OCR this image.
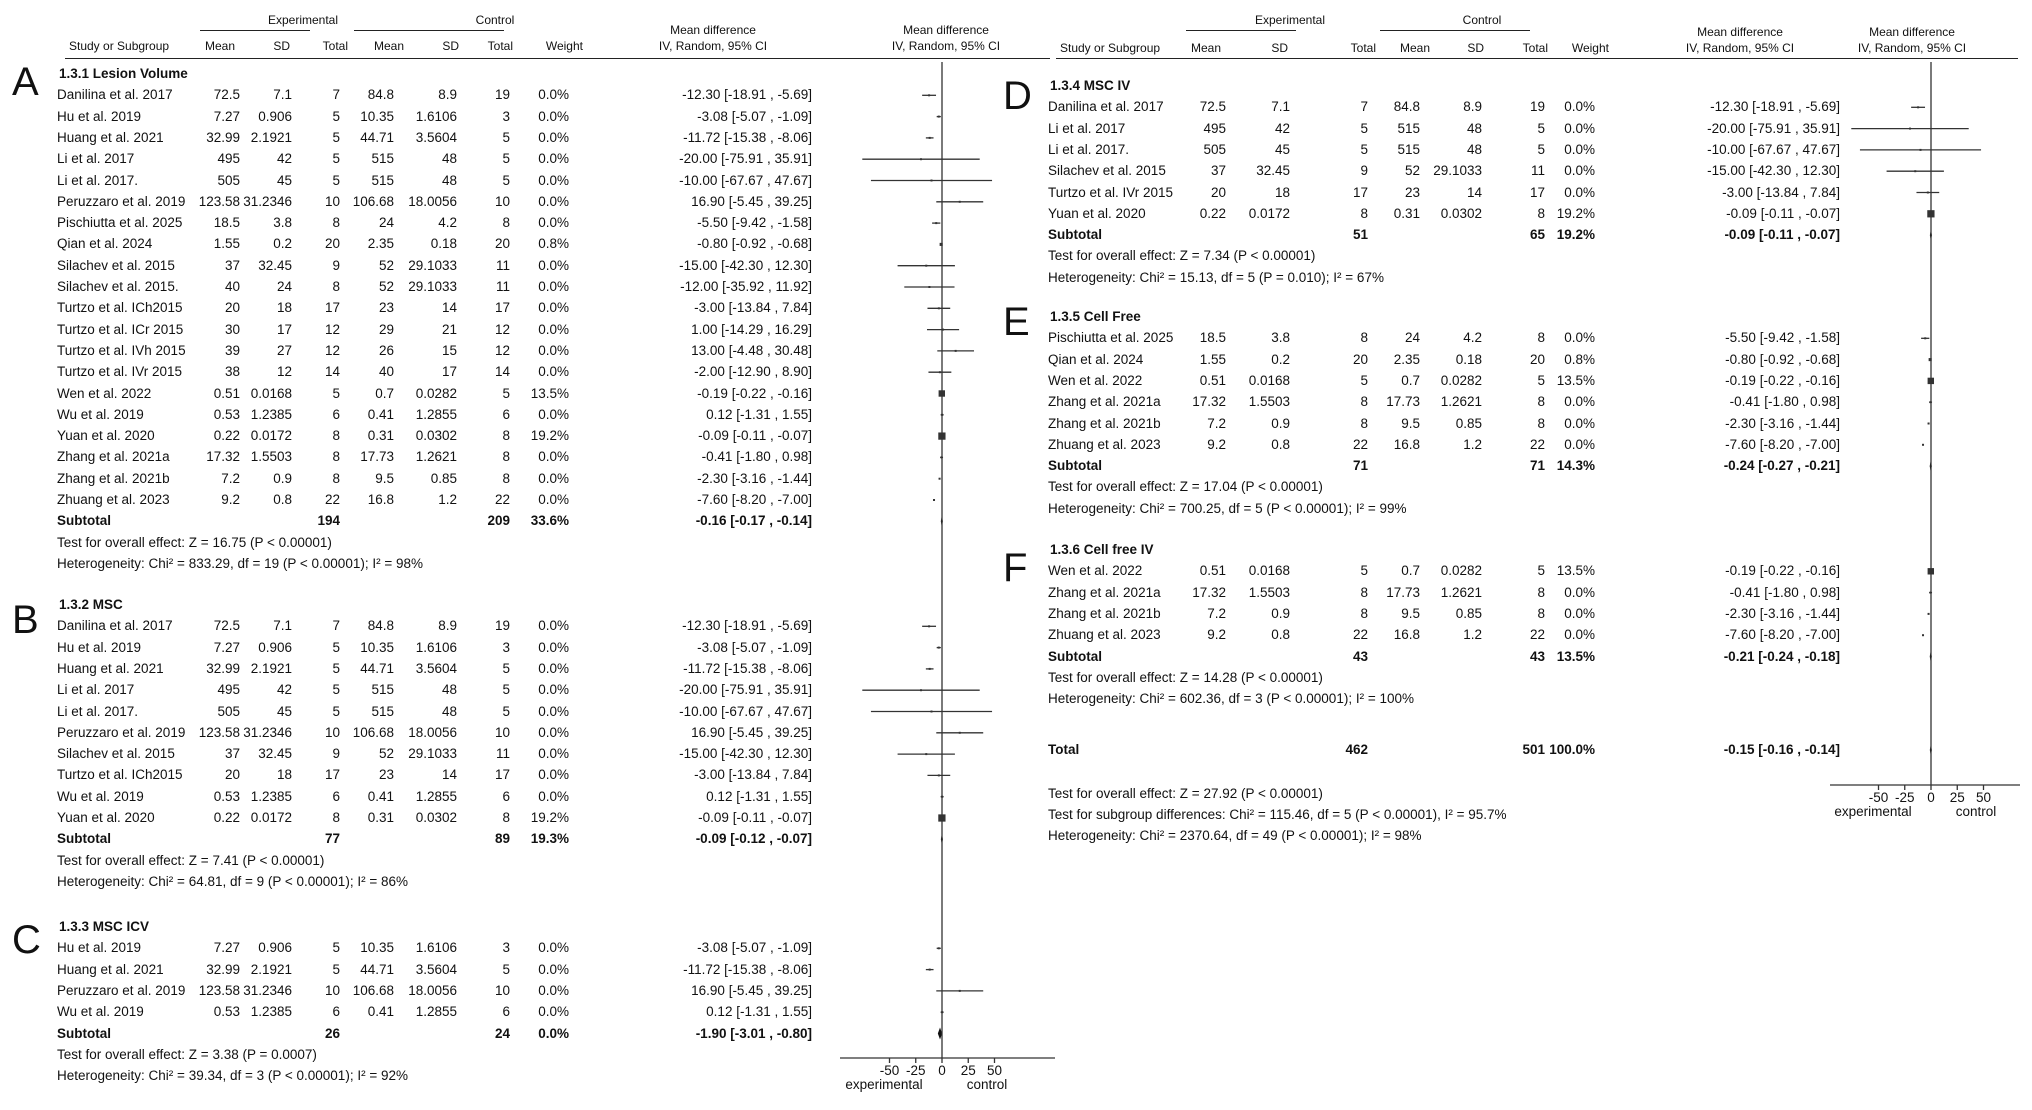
Experimental	Control
Study or Subgroup	Mean	SD	Total	Mean	SD	Total	Weight
Mean difference
IV, Random, 95% CI
Mean difference
IV, Random, 95% CI
Experimental	Control
Study or Subgroup	Mean	SD	Total	Mean	SD	Total	Weight
Mean difference
IV, Random, 95% CI
Mean difference
IV, Random, 95% CI
A 1.3.1 Lesion Volume
Danilina et al. 2017	72.5	7.1	7	84.8	8.9	19	0.0%	-12.30 [-18.91 , -5.69]
Hu et al. 2019	7.27	0.906	5	10.35	1.6106	3	0.0%	-3.08 [-5.07 , -1.09]
Huang et al. 2021	32.99 2.1921	5	44.71	3.5604	5	0.0%	-11.72 [-15.38 , -8.06]
Li et al. 2017	495	42	5	515	48	5	0.0%	-20.00 [-75.91 , 35.91]
Li et al. 2017.	505	45	5	515	48	5	0.0%	-10.00 [-67.67 , 47.67]
Peruzzaro et al. 2019 123.58 31.2346	10 106.68	18.0056	10	0.0%	16.90 [-5.45 , 39.25]
Pischiutta et al. 2025	18.5	3.8	8	24	4.2	8	0.0%	-5.50 [-9.42 , -1.58]
Qian et al. 2024	1.55	0.2	20	2.35	0.18	20	0.8%	-0.80 [-0.92 , -0.68]
Silachev et al. 2015	37	32.45	9	52	29.1033	11	0.0%	-15.00 [-42.30 , 12.30]
Silachev et al. 2015.	40	24	8	52	29.1033	11	0.0%	-12.00 [-35.92 , 11.92]
Turtzo et al. ICh2015	20	18	17	23	14	17	0.0%	-3.00 [-13.84 , 7.84]
Turtzo et al. ICr 2015	30	17	12	29	21	12	0.0%	1.00 [-14.29 , 16.29]
Turtzo et al. IVh 2015	39	27	12	26	15	12	0.0%	13.00 [-4.48 , 30.48]
Turtzo et al. IVr 2015	38	12	14	40	17	14	0.0%	-2.00 [-12.90 , 8.90]
Wen et al. 2022	0.51 0.0168	5	0.7	0.0282	5	13.5%	-0.19 [-0.22 , -0.16]
Wu et al. 2019	0.53 1.2385	6	0.41	1.2855	6	0.0%	0.12 [-1.31 , 1.55]
Yuan et al. 2020	0.22 0.0172	8	0.31	0.0302	8	19.2%	-0.09 [-0.11 , -0.07]
Zhang et al. 2021a	17.32 1.5503	8	17.73	1.2621	8	0.0%	-0.41 [-1.80 , 0.98]
Zhang et al. 2021b	7.2	0.9	8	9.5	0.85	8	0.0%	-2.30 [-3.16 , -1.44]
Zhuang et al. 2023	9.2	0.8	22	16.8	1.2	22	0.0%	-7.60 [-8.20 , -7.00]
Subtotal	194	209	33.6%	-0.16 [-0.17 , -0.14]
Test for overall effect: Z = 16.75 (P < 0.00001)
Heterogeneity: Chi² = 833.29, df = 19 (P < 0.00001); I² = 98%
B 1.3.2 MSC
Danilina et al. 2017	72.5	7.1	7	84.8	8.9	19	0.0%	-12.30 [-18.91 , -5.69]
Hu et al. 2019	7.27	0.906	5	10.35	1.6106	3	0.0%	-3.08 [-5.07 , -1.09]
Huang et al. 2021	32.99 2.1921	5	44.71	3.5604	5	0.0%	-11.72 [-15.38 , -8.06]
Li et al. 2017	495	42	5	515	48	5	0.0%	-20.00 [-75.91 , 35.91]
Li et al. 2017.	505	45	5	515	48	5	0.0%	-10.00 [-67.67 , 47.67]
Peruzzaro et al. 2019 123.58 31.2346	10 106.68	18.0056	10	0.0%	16.90 [-5.45 , 39.25]
Silachev et al. 2015	37	32.45	9	52	29.1033	11	0.0%	-15.00 [-42.30 , 12.30]
Turtzo et al. ICh2015	20	18	17	23	14	17	0.0%	-3.00 [-13.84 , 7.84]
Wu et al. 2019	0.53 1.2385	6	0.41	1.2855	6	0.0%	0.12 [-1.31 , 1.55]
Yuan et al. 2020	0.22 0.0172	8	0.31	0.0302	8	19.2%	-0.09 [-0.11 , -0.07]
Subtotal	77	89	19.3%	-0.09 [-0.12 , -0.07]
Test for overall effect: Z = 7.41 (P < 0.00001)
Heterogeneity: Chi² = 64.81, df = 9 (P < 0.00001); I² = 86%
C 1.3.3 MSC ICV
Hu et al. 2019	7.27	0.906	5	10.35	1.6106	3	0.0%	-3.08 [-5.07 , -1.09]
Huang et al. 2021	32.99 2.1921	5	44.71	3.5604	5	0.0%	-11.72 [-15.38 , -8.06]
Peruzzaro et al. 2019 123.58 31.2346	10 106.68	18.0056	10	0.0%	16.90 [-5.45 , 39.25]
Wu et al. 2019	0.53 1.2385	6	0.41	1.2855	6	0.0%	0.12 [-1.31 , 1.55]
Subtotal	26	24	0.0%	-1.90 [-3.01 , -0.80]
Test for overall effect: Z = 3.38 (P = 0.0007)
Heterogeneity: Chi² = 39.34, df = 3 (P < 0.00001); I² = 92%
D 1.3.4 MSC IV
Danilina et al. 2017	72.5	7.1	7	84.8	8.9	19	0.0%	-12.30 [-18.91 , -5.69]
Li et al. 2017	495	42	5	515	48	5	0.0%	-20.00 [-75.91 , 35.91]
Li et al. 2017.	505	45	5	515	48	5	0.0%	-10.00 [-67.67 , 47.67]
Silachev et al. 2015	37	32.45	9	52 29.1033	11	0.0%	-15.00 [-42.30 , 12.30]
Turtzo et al. IVr 2015	20	18	17	23	14	17	0.0%	-3.00 [-13.84 , 7.84]
Yuan et al. 2020	0.22	0.0172	8	0.31	0.0302	8 19.2%	-0.09 [-0.11 , -0.07]
Subtotal	51	65 19.2%	-0.09 [-0.11 , -0.07]
Test for overall effect: Z = 7.34 (P < 0.00001)
Heterogeneity: Chi² = 15.13, df = 5 (P = 0.010); I² = 67%
E 1.3.5 Cell Free
Pischiutta et al. 2025	18.5	3.8	8	24	4.2	8	0.0%	-5.50 [-9.42 , -1.58]
Qian et al. 2024	1.55	0.2	20	2.35	0.18	20	0.8%	-0.80 [-0.92 , -0.68]
Wen et al. 2022	0.51	0.0168	5	0.7	0.0282	5 13.5%	-0.19 [-0.22 , -0.16]
Zhang et al. 2021a	17.32	1.5503	8	17.73	1.2621	8	0.0%	-0.41 [-1.80 , 0.98]
Zhang et al. 2021b	7.2	0.9	8	9.5	0.85	8	0.0%	-2.30 [-3.16 , -1.44]
Zhuang et al. 2023	9.2	0.8	22	16.8	1.2	22	0.0%	-7.60 [-8.20 , -7.00]
Subtotal	71	71 14.3%	-0.24 [-0.27 , -0.21]
Test for overall effect: Z = 17.04 (P < 0.00001)
Heterogeneity: Chi² = 700.25, df = 5 (P < 0.00001); I² = 99%
F 1.3.6 Cell free IV
Wen et al. 2022	0.51	0.0168	5	0.7	0.0282	5 13.5%	-0.19 [-0.22 , -0.16]
Zhang et al. 2021a	17.32	1.5503	8	17.73	1.2621	8	0.0%	-0.41 [-1.80 , 0.98]
Zhang et al. 2021b	7.2	0.9	8	9.5	0.85	8	0.0%	-2.30 [-3.16 , -1.44]
Zhuang et al. 2023	9.2	0.8	22	16.8	1.2	22	0.0%	-7.60 [-8.20 , -7.00]
Subtotal	43	43 13.5%	-0.21 [-0.24 , -0.18]
Test for overall effect: Z = 14.28 (P < 0.00001)
Heterogeneity: Chi² = 602.36, df = 3 (P < 0.00001); I² = 100%
Total	462	501 100.0%	-0.15 [-0.16 , -0.14]
Test for overall effect: Z = 27.92 (P < 0.00001)
Test for subgroup differences: Chi² = 115.46, df = 5 (P < 0.00001), I² = 95.7%
Heterogeneity: Chi² = 2370.64, df = 49 (P < 0.00001); I² = 98%
-50 -25 0	25 50
experimental	control
-50 -25 0	25 50
experimental	control
